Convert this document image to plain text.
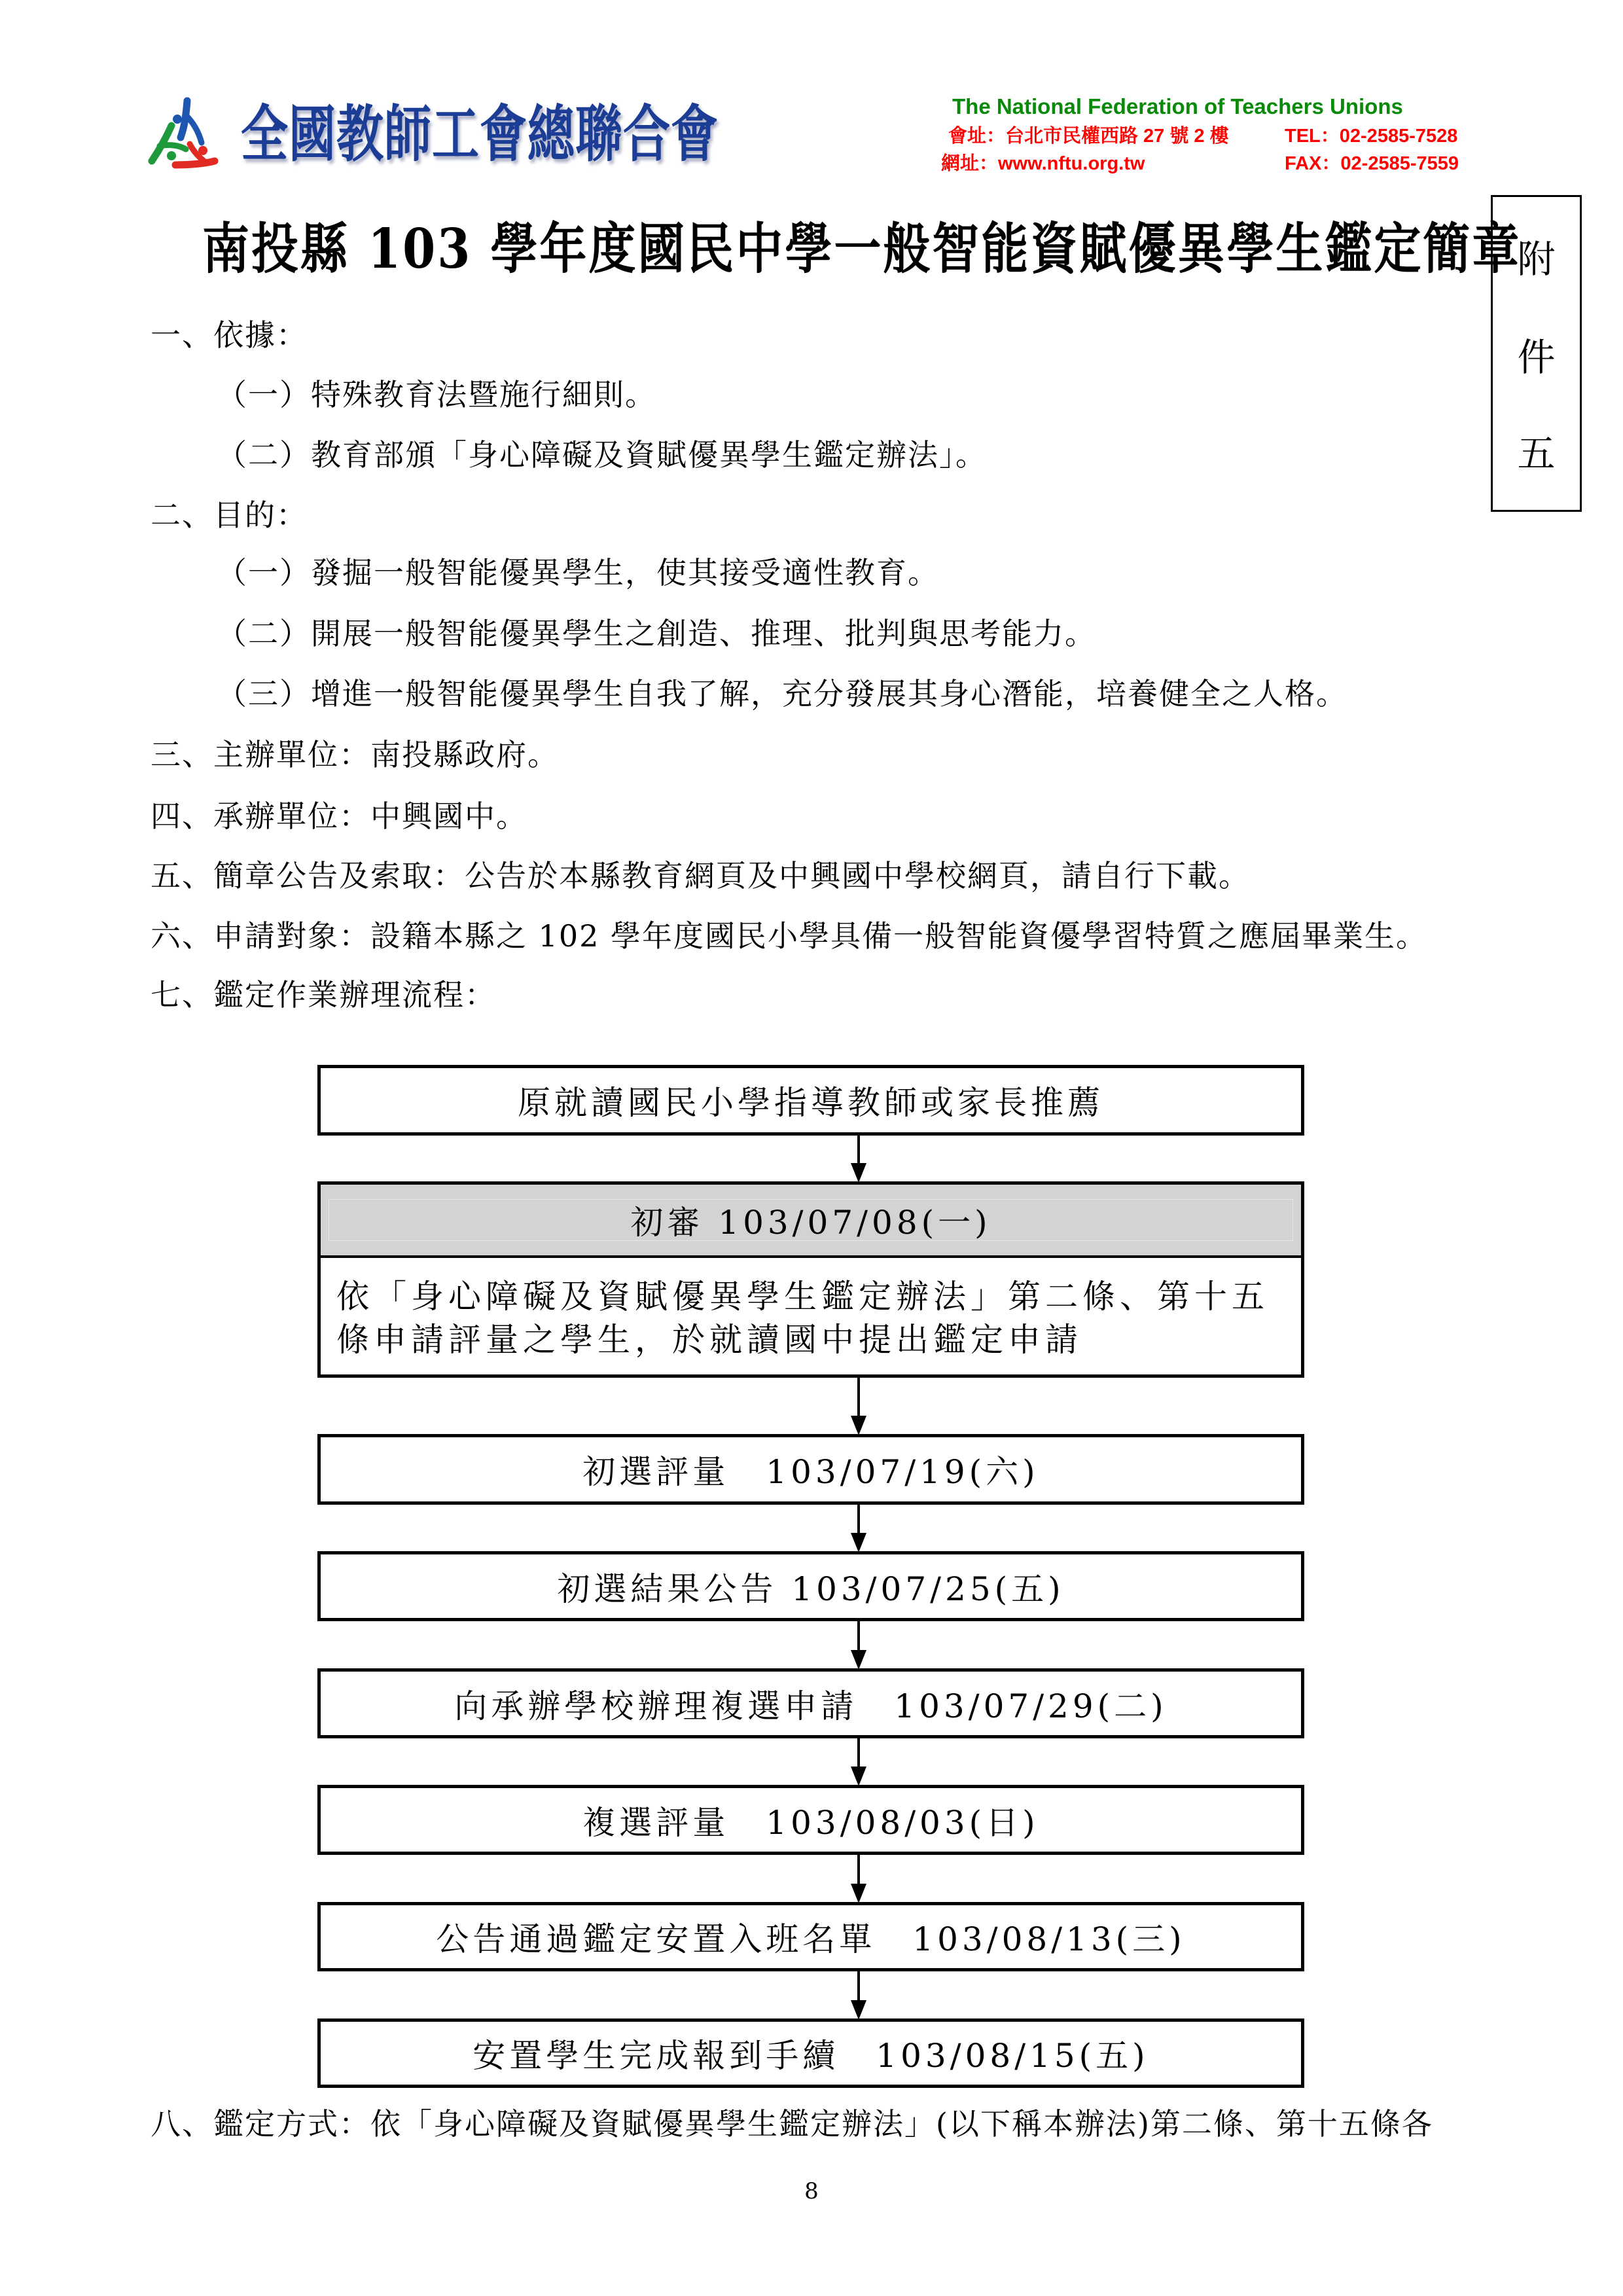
全國教師工會總聯合會	The National Federation of Teachers Unions
會址：台北市民權西路 27 號 2 樓	TEL：02-2585-7528
網址：www.nftu.org.tw	FAX：02-2585-7559
南投縣 103 學年度國民中學一般智能資賦優異學生鑑定簡章
附
件
五
一、依據：
（一）特殊教育法暨施行細則。
（二）教育部頒「身心障礙及資賦優異學生鑑定辦法」。
二、目的：
（一）發掘一般智能優異學生，使其接受適性教育。
（二）開展一般智能優異學生之創造、推理、批判與思考能力。
（三）增進一般智能優異學生自我了解，充分發展其身心潛能，培養健全之人格。
三、主辦單位：南投縣政府。
四、承辦單位：中興國中。
五、簡章公告及索取：公告於本縣教育網頁及中興國中學校網頁，請自行下載。
六、申請對象：設籍本縣之 102 學年度國民小學具備一般智能資優學習特質之應屆畢業生。
七、鑑定作業辦理流程：
原就讀國民小學指導教師或家長推薦
初審 103/07/08(一)
依「身心障礙及資賦優異學生鑑定辦法」第二條、第十五
條申請評量之學生，於就讀國中提出鑑定申請
初選評量　103/07/19(六)
初選結果公告 103/07/25(五)
向承辦學校辦理複選申請　103/07/29(二)
複選評量　103/08/03(日)
公告通過鑑定安置入班名單　103/08/13(三)
安置學生完成報到手續　103/08/15(五)
八、鑑定方式：依「身心障礙及資賦優異學生鑑定辦法」(以下稱本辦法)第二條、第十五條各
8
